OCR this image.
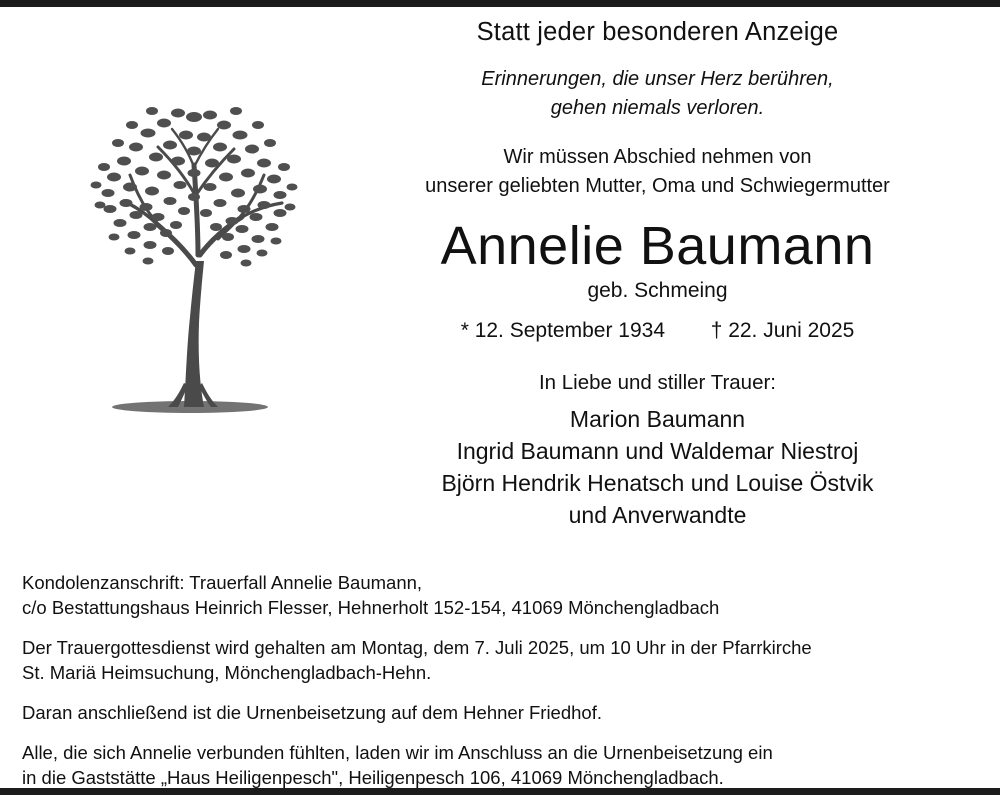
Statt jeder besonderen Anzeige
Erinnerungen, die unser Herz berühren,
gehen niemals verloren.
Wir müssen Abschied nehmen von
unserer geliebten Mutter, Oma und Schwiegermutter
Annelie Baumann
geb. Schmeing
* 12. September 1934 † 22. Juni 2025
In Liebe und stiller Trauer:
Marion Baumann
Ingrid Baumann und Waldemar Niestroj
Björn Hendrik Henatsch und Louise Östvik
und Anverwandte
Kondolenzanschrift: Trauerfall Annelie Baumann,
c/o Bestattungshaus Heinrich Flesser, Hehnerholt 152-154, 41069 Mönchengladbach
Der Trauergottesdienst wird gehalten am Montag, dem 7. Juli 2025, um 10 Uhr in der Pfarrkirche
St. Mariä Heimsuchung, Mönchengladbach-Hehn.
Daran anschließend ist die Urnenbeisetzung auf dem Hehner Friedhof.
Alle, die sich Annelie verbunden fühlten, laden wir im Anschluss an die Urnenbeisetzung ein
in die Gaststätte „Haus Heiligenpesch", Heiligenpesch 106, 41069 Mönchengladbach.
